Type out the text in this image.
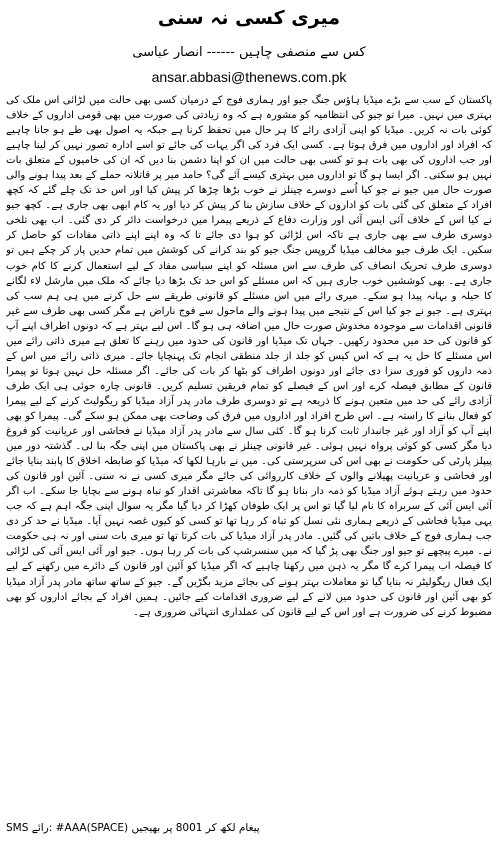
میری کسی نہ سنی
کس سے منصفی چاہیں ------ انصار عباسی
ansar.abbasi@thenews.com.pk

پاکستان کے سب سے بڑے میڈیا ہاؤس جنگ جیو اور ہماری فوج کے درمیان کسی بھی حالت میں لڑائی اس ملک کی بہتری میں نہیں۔ میرا تو جیو کی انتظامیہ کو مشورہ ہے کہ وہ زیادتی کی صورت میں بھی قومی اداروں کے خلاف کوئی بات نہ کریں۔ میڈیا کو اپنی آزادی رائے کا ہر حال میں تحفظ کرنا ہے جبکہ یہ اصول بھی طے ہو جانا چاہیے کہ افراد اور اداروں میں فرق ہوتا ہے۔ کسی ایک فرد کی اگر یہات کی جائے تو اسے ادارہ تصور نہیں کر لینا چاہیے اور جب اداروں کی بھی بات ہو تو کسی بھی حالت میں ان کو اپنا دشمن بنا دیں کہ ان کی خامیوں کے متعلق بات نہیں ہو سکتی۔ اگر ایسا ہو گا تو اداروں میں بہتری کیسے آئے گی؟ حامد میر پر قاتلانہ حملے کے بعد پیدا ہونے والی صورت حال میں جیو نے جو کیا اُسے دوسرے چینلز نے خوب بڑھا چڑھا کر پیش کیا اور اس حد تک چلے گئے کہ کچھ افراد کے متعلق کی گئی بات کو اداروں کے خلاف سازش بنا کر پیش کر دیا اور یہ کام ابھی بھی جاری ہے۔ کچھ جیو نے کیا اس کے خلاف آئی ایس آئی اور وزارت دفاع کے ذریعے پیمرا میں درخواست دائر کر دی گئی۔ اب بھی تلخی دوسری طرف سے بھی جاری ہے تاکہ اس لڑائی کو ہوا دی جائے تا کہ وہ اپنے اپنے ذاتی مفادات کو حاصل کر سکیں۔ ایک طرف جیو مخالف میڈیا گروپس جنگ جیو کو بند کرانے کی کوشش میں تمام حدیں پار کر چکے ہیں تو دوسری طرف تحریک انصاف کی طرف سے اس مسئلہ کو اپنے سیاسی مفاد کے لیے استعمال کرنے کا کام خوب جاری ہے۔ بھی کوششیں خوب جاری ہیں کہ اس مسئلے کو اس حد تک بڑھا دیا جائے کہ ملک میں مارشل لاء لگانے کا حیلہ و بہانہ پیدا ہو سکے۔ میری رائے میں اس مسئلے کو قانونی طریقے سے حل کرنے میں ہی ہم سب کی بہتری ہے۔ جیو نے جو کیا اس کے نتیجے میں پیدا ہونے والے ماحول سے فوج ناراض ہے مگر کسی بھی طرف سے غیر قانونی اقدامات سے موجودہ مخدوش صورت حال میں اضافہ ہی ہو گا۔ اس لیے بہتر ہے کہ دونوں اطراف اپنے آپ کو قانون کی حد میں محدود رکھیں۔ جہاں تک میڈیا اور قانون کی حدود میں رہنے کا تعلق ہے میری ذاتی رائے میں اس مسئلے کا حل یہ ہے کہ اس کیس کو جلد از جلد منطقی انجام تک پہنچایا جائے۔ میری ذاتی رائے میں اس کے ذمہ داروں کو فوری سزا دی جائے اور دونوں اطراف کو بٹھا کر بات کی جائے۔ اگر مسئلہ حل نہیں ہوتا تو پیمرا قانون کے مطابق فیصلہ کرے اور اس کے فیصلے کو تمام فریقین تسلیم کریں۔ قانونی چارہ جوئی ہی ایک طرف آزادی رائے کی حد میں متعین ہونے کا ذریعہ ہے تو دوسری طرف مادر پدر آزاد میڈیا کو ریگولیٹ کرنے کے لیے پیمرا کو فعال بنانے کا راستہ ہے۔ اس طرح افراد اور اداروں میں فرق کی وضاحت بھی ممکن ہو سکے گی۔ پیمرا کو بھی اپنے آپ کو آزاد اور غیر جانبدار ثابت کرنا ہو گا۔ کئی سال سے مادر پدر آزاد میڈیا نے فحاشی اور عریانیت کو فروغ دیا مگر کسی کو کوئی پرواہ نہیں ہوئی۔ غیر قانونی چینلز نے بھی پاکستان میں اپنی جگہ بنا لی۔ گذشتہ دور میں پیپلز پارٹی کی حکومت نے بھی اس کی سرپرستی کی۔ میں نے بارہا لکھا کہ میڈیا کو ضابطہ اخلاق کا پابند بنایا جائے اور فحاشی و عریانیت پھیلانے والوں کے خلاف کارروائی کی جائے مگر میری کسی نے نہ سنی۔ آئین اور قانون کی حدود میں رہتے ہوئے آزاد میڈیا کو ذمہ دار بنانا ہو گا تاکہ معاشرتی اقدار کو تباہ ہونے سے بچایا جا سکے۔ اب اگر آئی ایس آئی کے سربراہ کا نام لیا گیا تو اس پر ایک طوفان کھڑا کر دیا گیا مگر یہ سوال اپنی جگہ اہم ہے کہ جب یہی میڈیا فحاشی کے ذریعے ہماری نئی نسل کو تباہ کر رہا تھا تو کسی کو کیوں غصہ نہیں آیا۔ میڈیا نے حد کر دی جب ہماری فوج کے خلاف باتیں کی گئیں۔ مادر پدر آزاد میڈیا کی بات کرتا تھا تو میری بات سنی اور نہ ہی حکومت نے۔ میرے پیچھے تو جیو اور جنگ بھی پڑ گیا کہ میں سنسرشپ کی بات کر رہا ہوں۔ جیو اور آئی ایس آئی کی لڑائی کا فیصلہ اب پیمرا کرے گا مگر یہ ذہن میں رکھنا چاہیے کہ اگر میڈیا کو آئین اور قانون کے دائرے میں رکھنے کے لیے ایک فعال ریگولیٹر نہ بنایا گیا تو معاملات بہتر ہونے کی بجائے مزید بگڑیں گے۔ جیو کے ساتھ ساتھ مادر پدر آزاد میڈیا کو بھی آئین اور قانون کی حدود میں لانے کے لیے ضروری اقدامات کیے جائیں۔ ہمیں افراد کے بجائے اداروں کو بھی مضبوط کرنے کی ضرورت ہے اور اس کے لیے قانون کی عملداری انتہائی ضروری ہے۔

SMS رائے: #AAA(SPACE) پیغام لکھ کر 8001 پر بھیجیں
